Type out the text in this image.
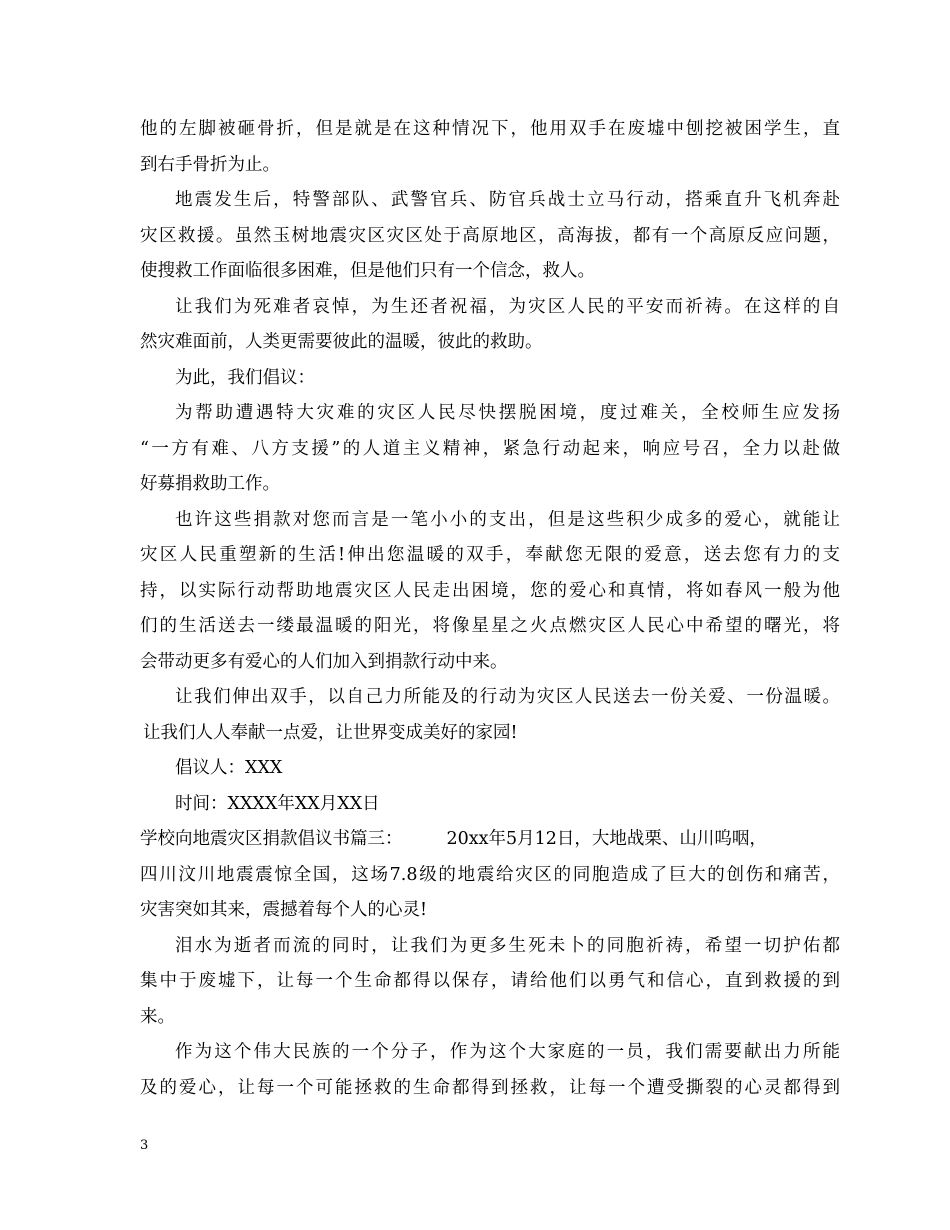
他的左脚被砸骨折，但是就是在这种情况下，他用双手在废墟中刨挖被困学生，直
到右手骨折为止。
地震发生后，特警部队、武警官兵、防官兵战士立马行动，搭乘直升飞机奔赴
灾区救援。虽然玉树地震灾区灾区处于高原地区，高海拔，都有一个高原反应问题，
使搜救工作面临很多困难，但是他们只有一个信念，救人。
让我们为死难者哀悼，为生还者祝福，为灾区人民的平安而祈祷。在这样的自
然灾难面前，人类更需要彼此的温暖，彼此的救助。
为此，我们倡议：
为帮助遭遇特大灾难的灾区人民尽快摆脱困境，度过难关，全校师生应发扬
“一方有难、八方支援”的人道主义精神，紧急行动起来，响应号召，全力以赴做
好募捐救助工作。
也许这些捐款对您而言是一笔小小的支出，但是这些积少成多的爱心，就能让
灾区人民重塑新的生活!伸出您温暖的双手，奉献您无限的爱意，送去您有力的支
持，以实际行动帮助地震灾区人民走出困境，您的爱心和真情，将如春风一般为他
们的生活送去一缕最温暖的阳光，将像星星之火点燃灾区人民心中希望的曙光，将
会带动更多有爱心的人们加入到捐款行动中来。
让我们伸出双手，以自己力所能及的行动为灾区人民送去一份关爱、一份温暖。
让我们人人奉献一点爱，让世界变成美好的家园!
倡议人：XXX
时间：XXXX年XX月XX日
学校向地震灾区捐款倡议书篇三：	20xx年5月12日，大地战栗、山川呜咽，
四川汶川地震震惊全国，这场7.8级的地震给灾区的同胞造成了巨大的创伤和痛苦，
灾害突如其来，震撼着每个人的心灵!
泪水为逝者而流的同时，让我们为更多生死未卜的同胞祈祷，希望一切护佑都
集中于废墟下，让每一个生命都得以保存，请给他们以勇气和信心，直到救援的到
来。
作为这个伟大民族的一个分子，作为这个大家庭的一员，我们需要献出力所能
及的爱心，让每一个可能拯救的生命都得到拯救，让每一个遭受撕裂的心灵都得到
3
